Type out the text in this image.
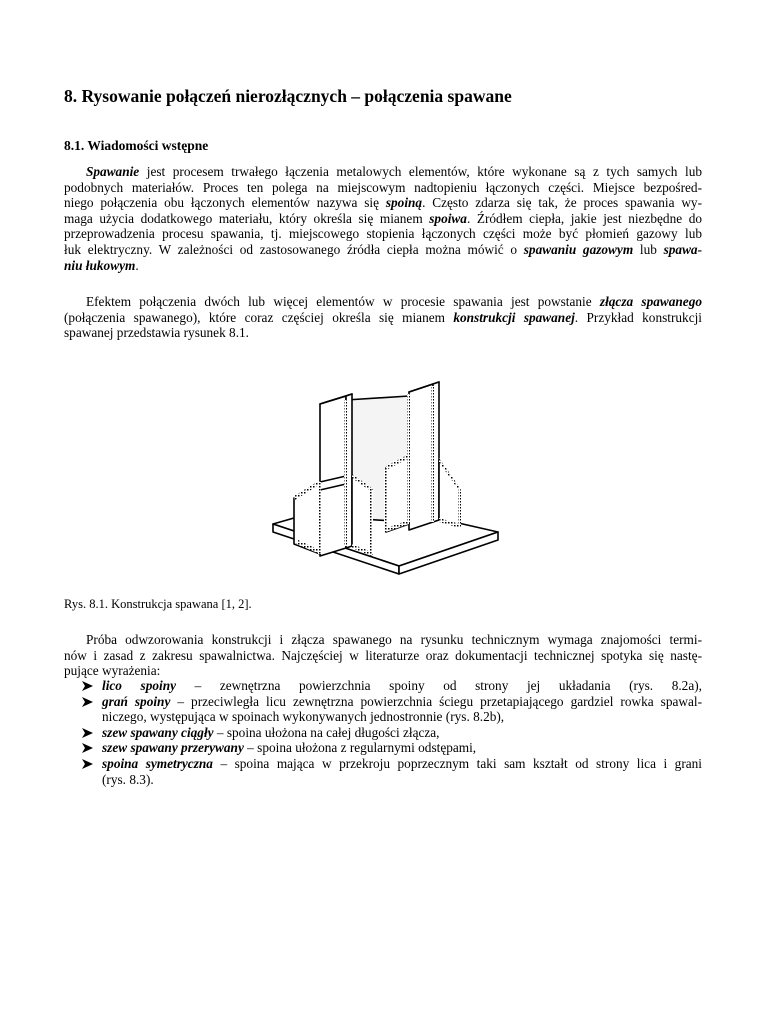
8. Rysowanie połączeń nierozłącznych – połączenia spawane
8.1. Wiadomości wstępne
Spawanie jest procesem trwałego łączenia metalowych elementów, które wykonane są z tych samych lub
podobnych materiałów. Proces ten polega na miejscowym nadtopieniu łączonych części. Miejsce bezpośred-
niego połączenia obu łączonych elementów nazywa się spoiną. Często zdarza się tak, że proces spawania wy-
maga użycia dodatkowego materiału, który określa się mianem spoiwa. Źródłem ciepła, jakie jest niezbędne do
przeprowadzenia procesu spawania, tj. miejscowego stopienia łączonych części może być płomień gazowy lub
łuk elektryczny. W zależności od zastosowanego źródła ciepła można mówić o spawaniu gazowym lub spawa-
niu łukowym.
Efektem połączenia dwóch lub więcej elementów w procesie spawania jest powstanie złącza spawanego
(połączenia spawanego), które coraz częściej określa się mianem konstrukcji spawanej. Przykład konstrukcji
spawanej przedstawia rysunek 8.1.
Rys. 8.1. Konstrukcja spawana [1, 2].
Próba odwzorowania konstrukcji i złącza spawanego na rysunku technicznym wymaga znajomości termi-
nów i zasad z zakresu spawalnictwa. Najczęściej w literaturze oraz dokumentacji technicznej spotyka się nastę-
pujące wyrażenia:
lico spoiny – zewnętrzna powierzchnia spoiny od strony jej układania (rys. 8.2a),
grań spoiny – przeciwległa licu zewnętrzna powierzchnia ściegu przetapiającego gardziel rowka spawal-
niczego, występująca w spoinach wykonywanych jednostronnie (rys. 8.2b),
szew spawany ciągły – spoina ułożona na całej długości złącza,
szew spawany przerywany – spoina ułożona z regularnymi odstępami,
spoina symetryczna – spoina mająca w przekroju poprzecznym taki sam kształt od strony lica i grani
(rys. 8.3).
